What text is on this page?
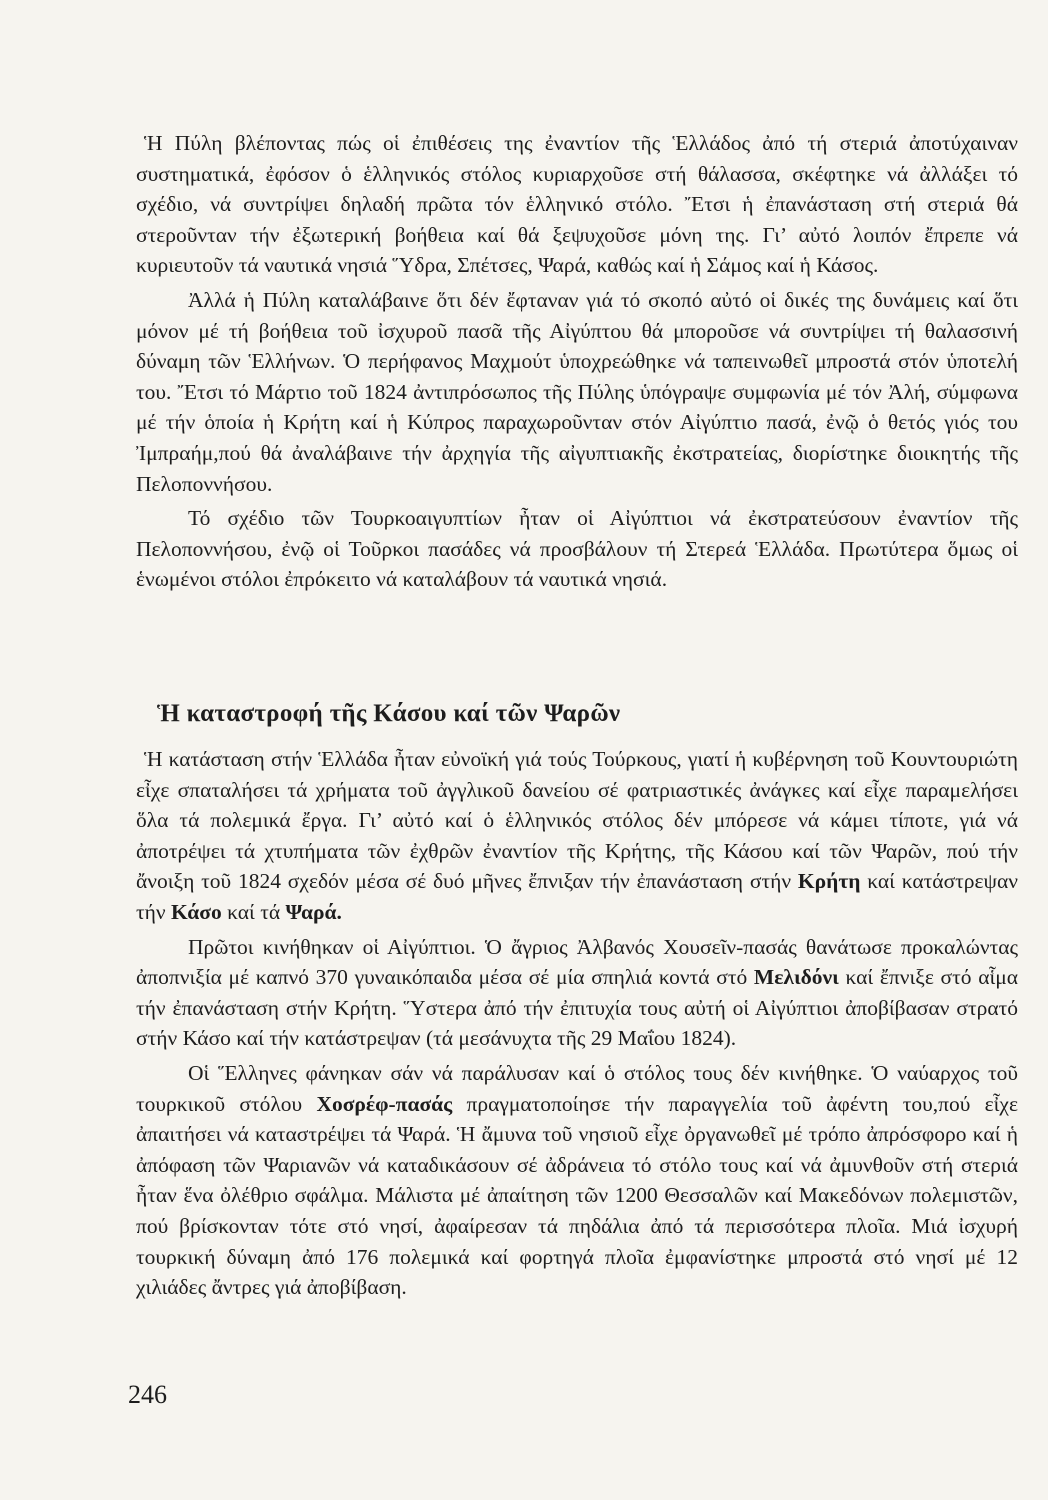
Ἡ Πύλη βλέποντας πώς οἱ ἐπιθέσεις της ἐναντίον τῆς Ἑλλάδος ἀπό τή στεριά ἀποτύχαιναν συστηματικά, ἐφόσον ὁ ἑλληνικός στόλος κυριαρχοῦσε στή θάλασσα, σκέφτηκε νά ἀλλάξει τό σχέδιο, νά συντρίψει δηλαδή πρῶτα τόν ἑλληνικό στόλο. Ἔτσι ἡ ἐπανάσταση στή στεριά θά στεροῦνταν τήν ἐξωτερική βοήθεια καί θά ξεψυχοῦσε μόνη της. Γι’ αὐτό λοιπόν ἔπρεπε νά κυριευτοῦν τά ναυτικά νησιά Ὕδρα, Σπέτσες, Ψαρά, καθώς καί ἡ Σάμος καί ἡ Κάσος.

Ἀλλά ἡ Πύλη καταλάβαινε ὅτι δέν ἔφταναν γιά τό σκοπό αὐτό οἱ δικές της δυνάμεις καί ὅτι μόνον μέ τή βοήθεια τοῦ ἰσχυροῦ πασᾶ τῆς Αἰγύπτου θά μποροῦσε νά συντρίψει τή θαλασσινή δύναμη τῶν Ἑλλήνων. Ὁ περήφανος Μαχμούτ ὑποχρεώθηκε νά ταπεινωθεῖ μπροστά στόν ὑποτελή του. Ἔτσι τό Μάρτιο τοῦ 1824 ἀντιπρόσωπος τῆς Πύλης ὑπόγραψε συμφωνία μέ τόν Ἀλή, σύμφωνα μέ τήν ὁποία ἡ Κρήτη καί ἡ Κύπρος παραχωροῦνταν στόν Αἰγύπτιο πασά, ἐνῷ ὁ θετός γιός του Ἰμπραήμ,πού θά ἀναλάβαινε τήν ἀρχηγία τῆς αἰγυπτιακῆς ἐκστρατείας, διορίστηκε διοικητής τῆς Πελοποννήσου.

Τό σχέδιο τῶν Τουρκοαιγυπτίων ἦταν οἱ Αἰγύπτιοι νά ἐκστρατεύσουν ἐναντίον τῆς Πελοποννήσου, ἐνῷ οἱ Τοῦρκοι πασάδες νά προσβάλουν τή Στερεά Ἑλλάδα. Πρωτύτερα ὅμως οἱ ἑνωμένοι στόλοι ἐπρόκειτο νά καταλάβουν τά ναυτικά νησιά.

Ἡ καταστροφή τῆς Κάσου καί τῶν Ψαρῶν

Ἡ κατάσταση στήν Ἑλλάδα ἦταν εὐνοϊκή γιά τούς Τούρκους, γιατί ἡ κυβέρνηση τοῦ Κουντουριώτη εἶχε σπαταλήσει τά χρήματα τοῦ ἀγγλικοῦ δανείου σέ φατριαστικές ἀνάγκες καί εἶχε παραμελήσει ὅλα τά πολεμικά ἔργα. Γι’ αὐτό καί ὁ ἑλληνικός στόλος δέν μπόρεσε νά κάμει τίποτε, γιά νά ἀποτρέψει τά χτυπήματα τῶν ἐχθρῶν ἐναντίον τῆς Κρήτης, τῆς Κάσου καί τῶν Ψαρῶν, πού τήν ἄνοιξη τοῦ 1824 σχεδόν μέσα σέ δυό μῆνες ἔπνιξαν τήν ἐπανάσταση στήν Κρήτη καί κατάστρεψαν τήν Κάσο καί τά Ψαρά.

Πρῶτοι κινήθηκαν οἱ Αἰγύπτιοι. Ὁ ἄγριος Ἀλβανός Χουσεῖν-πασάς θανάτωσε προκαλώντας ἀποπνιξία μέ καπνό 370 γυναικόπαιδα μέσα σέ μία σπηλιά κοντά στό Μελιδόνι καί ἔπνιξε στό αἷμα τήν ἐπανάσταση στήν Κρήτη. Ὕστερα ἀπό τήν ἐπιτυχία τους αὐτή οἱ Αἰγύπτιοι ἀποβίβασαν στρατό στήν Κάσο καί τήν κατάστρεψαν (τά μεσάνυχτα τῆς 29 Μαΐου 1824).

Οἱ Ἕλληνες φάνηκαν σάν νά παράλυσαν καί ὁ στόλος τους δέν κινήθηκε. Ὁ ναύαρχος τοῦ τουρκικοῦ στόλου Χοσρέφ-πασάς πραγματοποίησε τήν παραγγελία τοῦ ἀφέντη του,πού εἶχε ἀπαιτήσει νά καταστρέψει τά Ψαρά. Ἡ ἄμυνα τοῦ νησιοῦ εἶχε ὀργανωθεῖ μέ τρόπο ἀπρόσφορο καί ἡ ἀπόφαση τῶν Ψαριανῶν νά καταδικάσουν σέ ἀδράνεια τό στόλο τους καί νά ἀμυνθοῦν στή στεριά ἦταν ἕνα ὀλέθριο σφάλμα. Μάλιστα μέ ἀπαίτηση τῶν 1200 Θεσσαλῶν καί Μακεδόνων πολεμιστῶν, πού βρίσκονταν τότε στό νησί, ἀφαίρεσαν τά πηδάλια ἀπό τά περισσότερα πλοῖα. Μιά ἰσχυρή τουρκική δύναμη ἀπό 176 πολεμικά καί φορτηγά πλοῖα ἐμφανίστηκε μπροστά στό νησί μέ 12 χιλιάδες ἄντρες γιά ἀποβίβαση.

246
